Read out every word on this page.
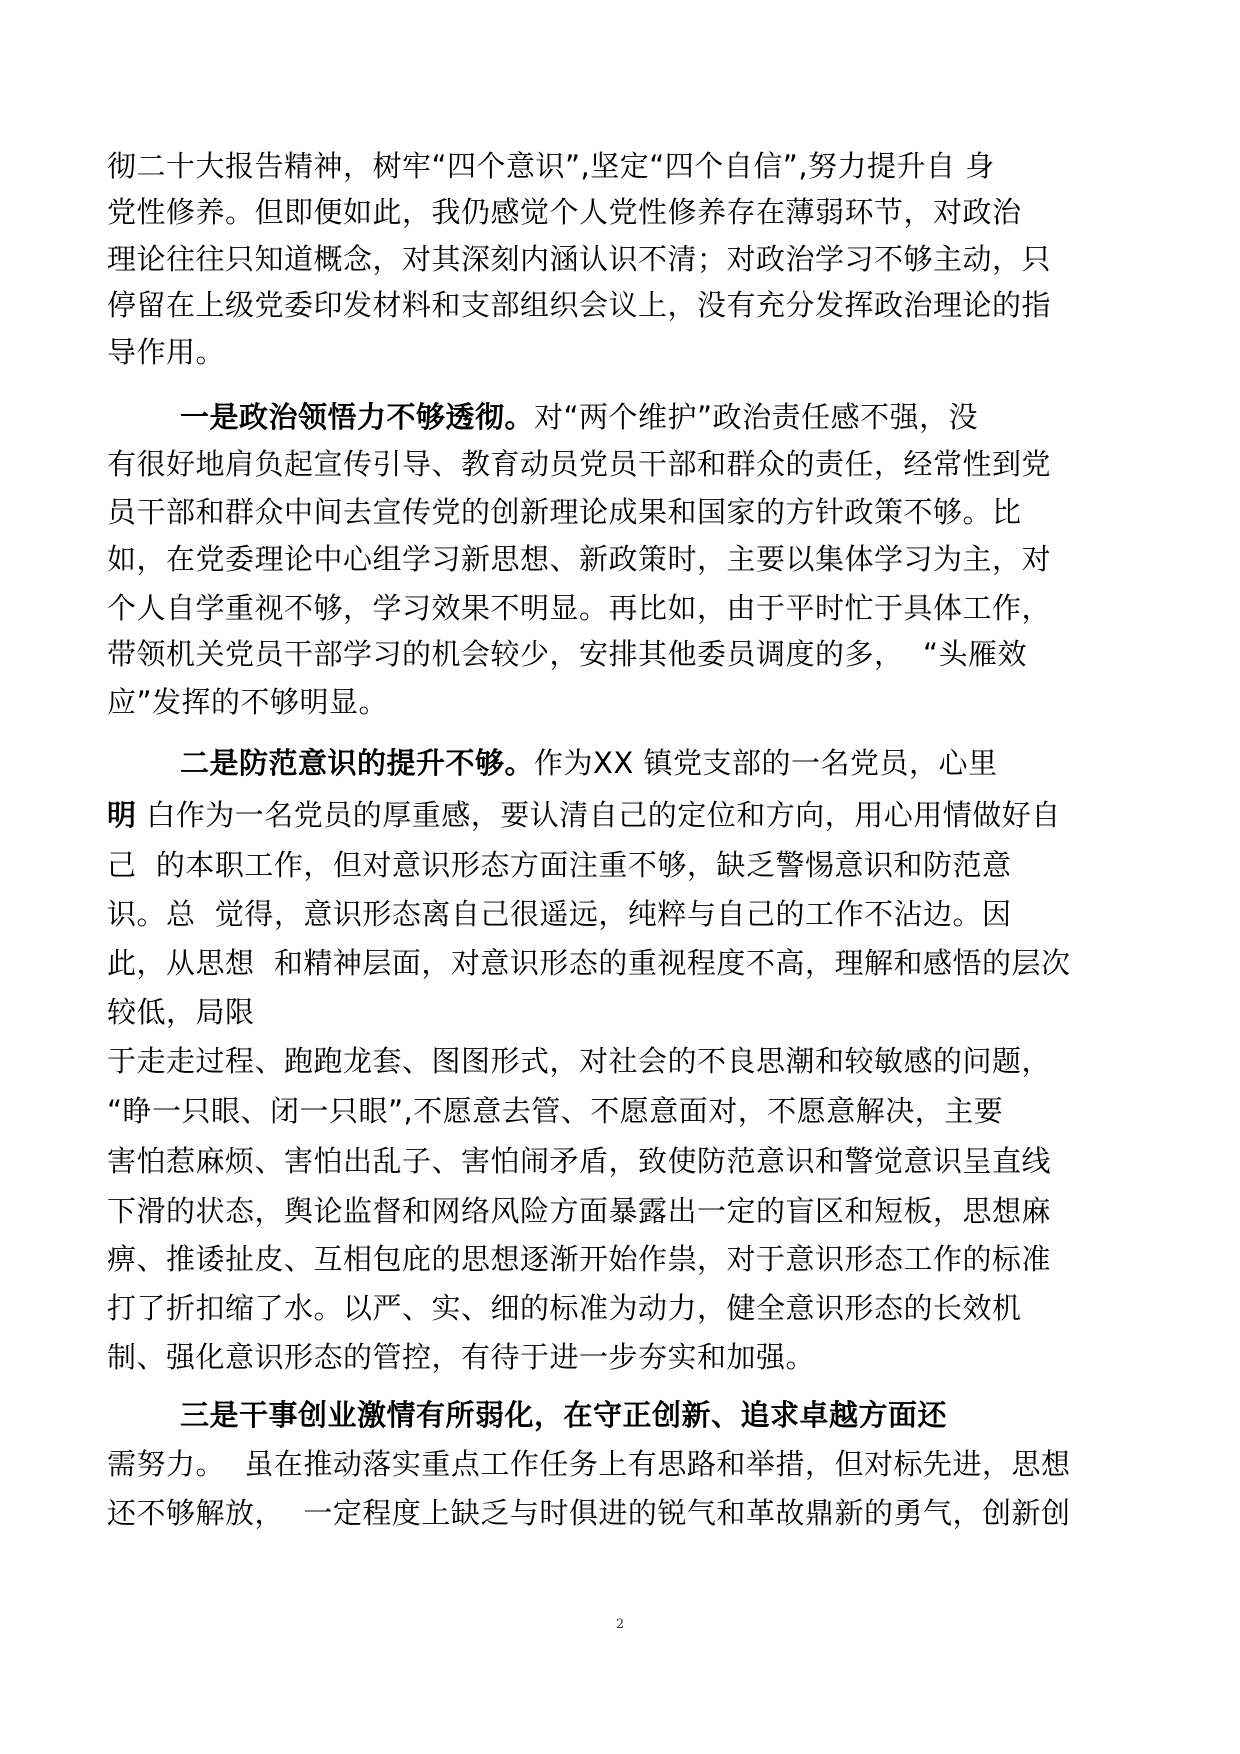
彻二十大报告精神，树牢“四个意识”,坚定“四个自信”,努力提升自 身
党性修养。但即便如此，我仍感觉个人党性修养存在薄弱环节，对政治
理论往往只知道概念，对其深刻内涵认识不清；对政治学习不够主动，只
停留在上级党委印发材料和支部组织会议上，没有充分发挥政治理论的指
导作用。
一是政治领悟力不够透彻。对“两个维护”政治责任感不强，没
有很好地肩负起宣传引导、教育动员党员干部和群众的责任，经常性到党
员干部和群众中间去宣传党的创新理论成果和国家的方针政策不够。比
如，在党委理论中心组学习新思想、新政策时，主要以集体学习为主，对
个人自学重视不够，学习效果不明显。再比如，由于平时忙于具体工作，
带领机关党员干部学习的机会较少，安排其他委员调度的多，  “头雁效
应”发挥的不够明显。
二是防范意识的提升不够。作为XX 镇党支部的一名党员，心里
明 白作为一名党员的厚重感，要认清自己的定位和方向，用心用情做好自
己  的本职工作，但对意识形态方面注重不够，缺乏警惕意识和防范意
识。总  觉得，意识形态离自己很遥远，纯粹与自己的工作不沾边。因
此，从思想  和精神层面，对意识形态的重视程度不高，理解和感悟的层次
较低，局限
于走走过程、跑跑龙套、图图形式，对社会的不良思潮和较敏感的问题，
“睁一只眼、闭一只眼”,不愿意去管、不愿意面对，不愿意解决，主要
害怕惹麻烦、害怕出乱子、害怕闹矛盾，致使防范意识和警觉意识呈直线
下滑的状态，舆论监督和网络风险方面暴露出一定的盲区和短板，思想麻
痹、推诿扯皮、互相包庇的思想逐渐开始作祟，对于意识形态工作的标准
打了折扣缩了水。以严、实、细的标准为动力，健全意识形态的长效机
制、强化意识形态的管控，有待于进一步夯实和加强。
三是干事创业激情有所弱化，在守正创新、追求卓越方面还
需努力。  虽在推动落实重点工作任务上有思路和举措，但对标先进，思想
还不够解放，  一定程度上缺乏与时俱进的锐气和革故鼎新的勇气，创新创
2
